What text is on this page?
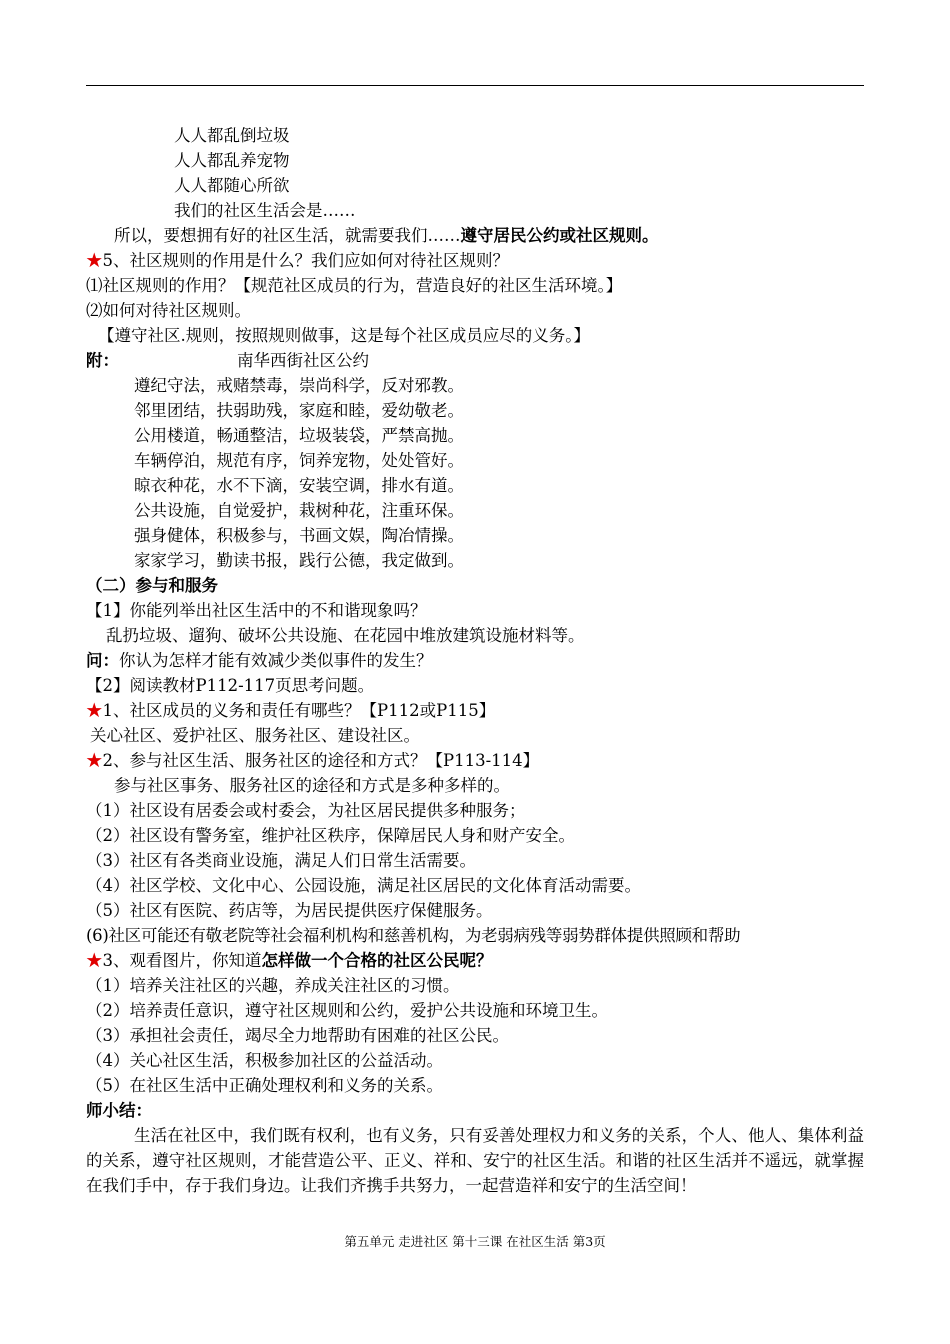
人人都乱倒垃圾
人人都乱养宠物
人人都随心所欲
我们的社区生活会是……
所以，要想拥有好的社区生活，就需要我们……遵守居民公约或社区规则。
★5、社区规则的作用是什么？我们应如何对待社区规则？
⑴社区规则的作用？【规范社区成员的行为，营造良好的社区生活环境。】
⑵如何对待社区规则。
【遵守社区.规则，按照规则做事，这是每个社区成员应尽的义务。】
附：	南华西街社区公约
遵纪守法，戒赌禁毒，崇尚科学，反对邪教。
邻里团结，扶弱助残，家庭和睦，爱幼敬老。
公用楼道，畅通整洁，垃圾装袋，严禁高抛。
车辆停泊，规范有序，饲养宠物，处处管好。
晾衣种花，水不下滴，安装空调，排水有道。
公共设施，自觉爱护，栽树种花，注重环保。
强身健体，积极参与，书画文娱，陶冶情操。
家家学习，勤读书报，践行公德，我定做到。
（二）参与和服务
【1】你能列举出社区生活中的不和谐现象吗？
乱扔垃圾、遛狗、破坏公共设施、在花园中堆放建筑设施材料等。
问：你认为怎样才能有效减少类似事件的发生？
【2】阅读教材P112-117页思考问题。
★1、社区成员的义务和责任有哪些？【P112或P115】
关心社区、爱护社区、服务社区、建设社区。
★2、参与社区生活、服务社区的途径和方式？【P113-114】
参与社区事务、服务社区的途径和方式是多种多样的。
（1）社区设有居委会或村委会，为社区居民提供多种服务；
（2）社区设有警务室，维护社区秩序，保障居民人身和财产安全。
（3）社区有各类商业设施，满足人们日常生活需要。
（4）社区学校、文化中心、公园设施，满足社区居民的文化体育活动需要。
（5）社区有医院、药店等，为居民提供医疗保健服务。
(6)社区可能还有敬老院等社会福利机构和慈善机构，为老弱病残等弱势群体提供照顾和帮助
★3、观看图片，你知道怎样做一个合格的社区公民呢？
（1）培养关注社区的兴趣，养成关注社区的习惯。
（2）培养责任意识，遵守社区规则和公约，爱护公共设施和环境卫生。
（3）承担社会责任，竭尽全力地帮助有困难的社区公民。
（4）关心社区生活，积极参加社区的公益活动。
（5）在社区生活中正确处理权利和义务的关系。
师小结：
生活在社区中，我们既有权利，也有义务，只有妥善处理权力和义务的关系，个人、他人、集体利益的关系，遵守社区规则，才能营造公平、正义、祥和、安宁的社区生活。和谐的社区生活并不遥远，就掌握在我们手中，存于我们身边。让我们齐携手共努力，一起营造祥和安宁的生活空间！
第五单元 走进社区 第十三课 在社区生活 第3页
